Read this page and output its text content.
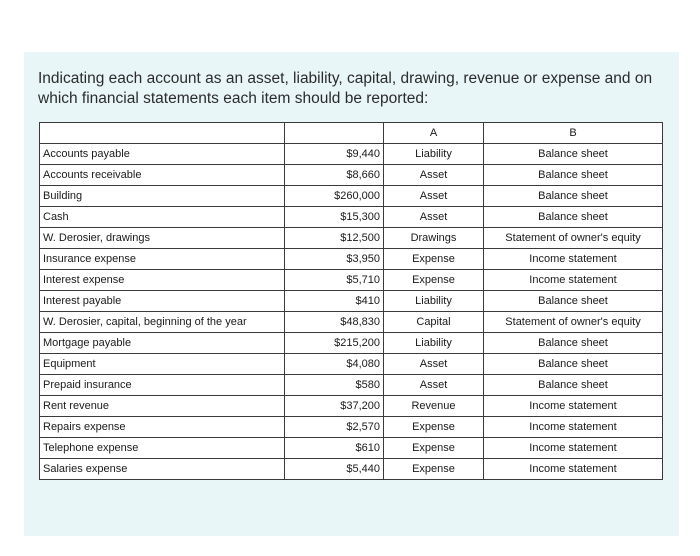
Indicating each account as an asset, liability, capital, drawing, revenue or expense and on which financial statements each item should be reported:
		A	B
Accounts payable	$9,440	Liability	Balance sheet
Accounts receivable	$8,660	Asset	Balance sheet
Building	$260,000	Asset	Balance sheet
Cash	$15,300	Asset	Balance sheet
W. Derosier, drawings	$12,500	Drawings	Statement of owner's equity
Insurance expense	$3,950	Expense	Income statement
Interest expense	$5,710	Expense	Income statement
Interest payable	$410	Liability	Balance sheet
W. Derosier, capital, beginning of the year	$48,830	Capital	Statement of owner's equity
Mortgage payable	$215,200	Liability	Balance sheet
Equipment	$4,080	Asset	Balance sheet
Prepaid insurance	$580	Asset	Balance sheet
Rent revenue	$37,200	Revenue	Income statement
Repairs expense	$2,570	Expense	Income statement
Telephone expense	$610	Expense	Income statement
Salaries expense	$5,440	Expense	Income statement
